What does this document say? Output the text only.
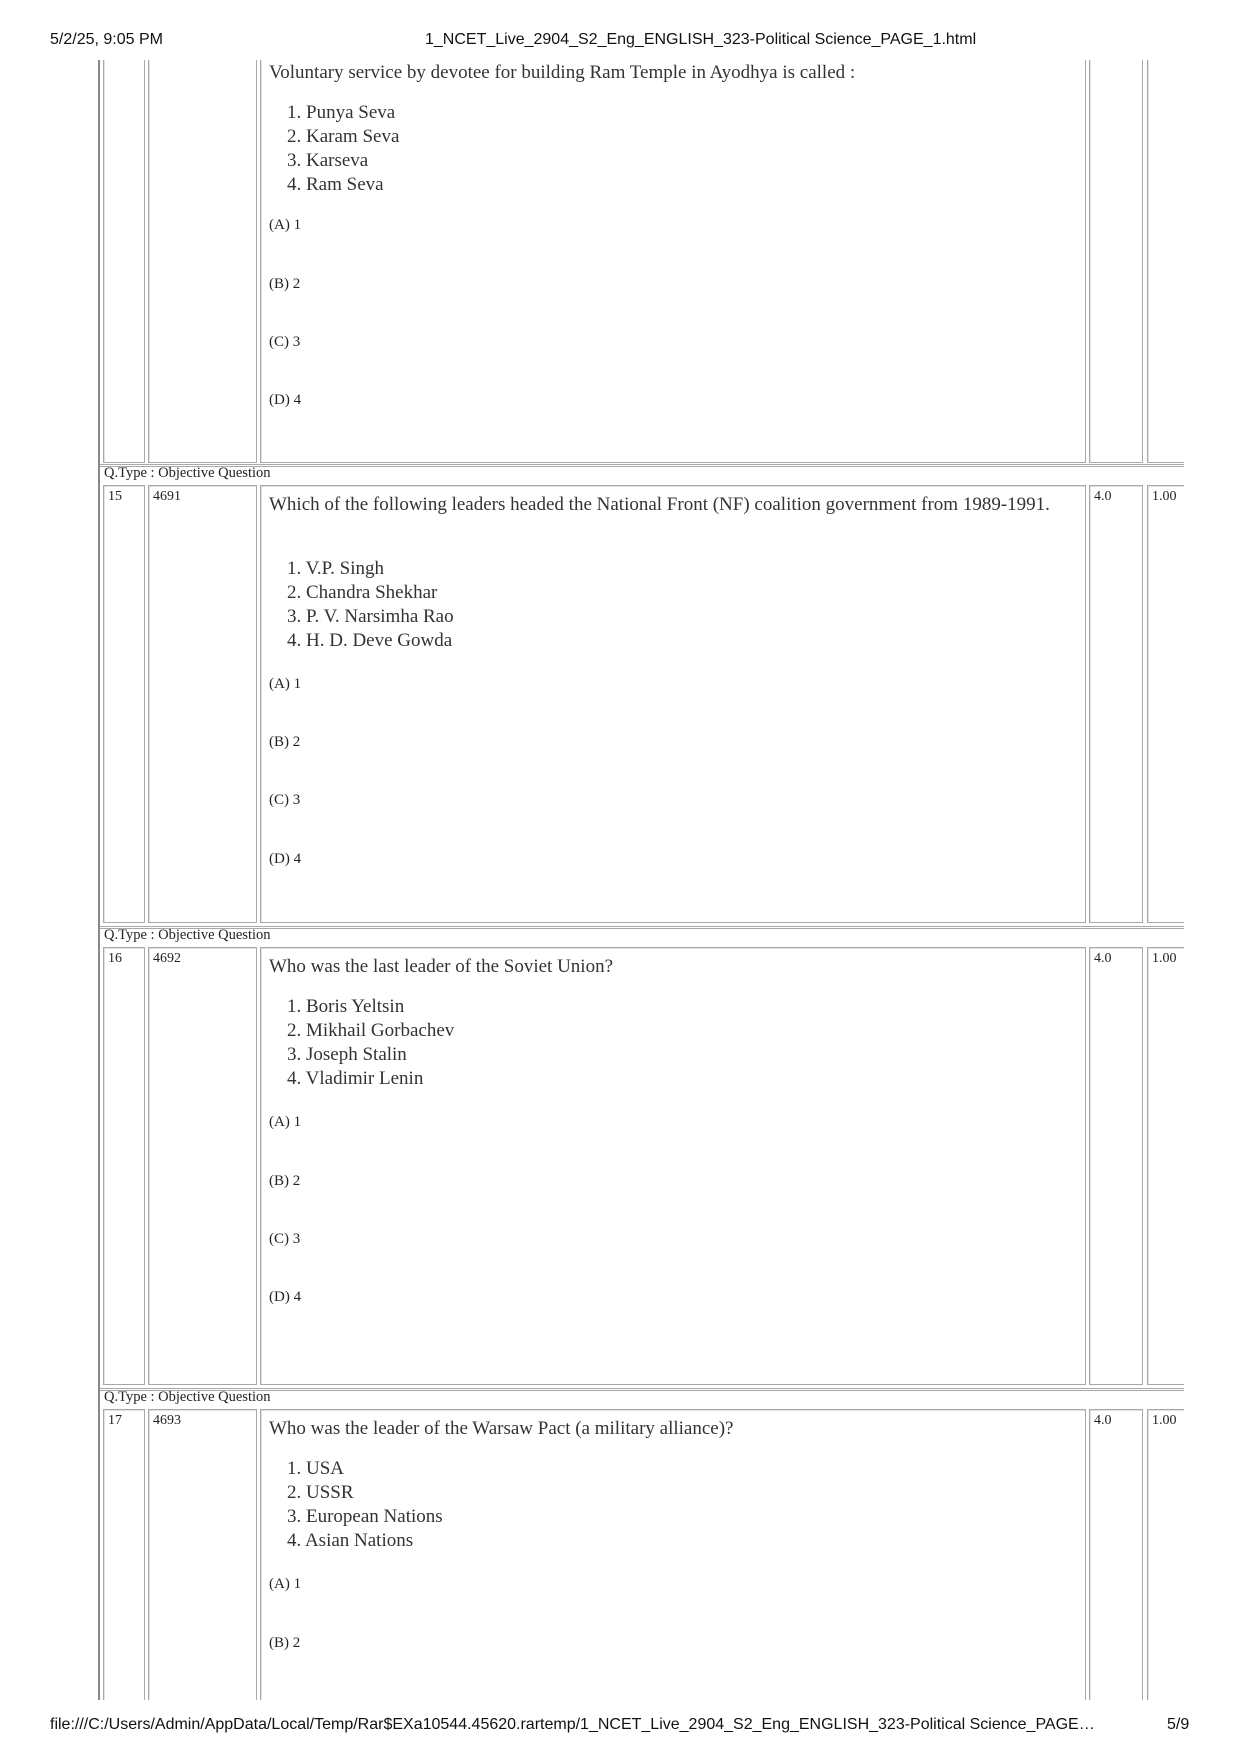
5/2/25, 9:05 PM	1_NCET_Live_2904_S2_Eng_ENGLISH_323-Political Science_PAGE_1.html

Voluntary service by devotee for building Ram Temple in Ayodhya is called :

1. Punya Seva
2. Karam Seva
3. Karseva
4. Ram Seva
(A) 1
(B) 2
(C) 3
(D) 4
Q.Type : Objective Question
15	4691	Which of the following leaders headed the National Front (NF) coalition government from 1989-1991.

1. V.P. Singh
2. Chandra Shekhar
3. P. V. Narsimha Rao
4. H. D. Deve Gowda
(A) 1
(B) 2
(C) 3
(D) 4
4.0	1.00
Q.Type : Objective Question
16	4692	Who was the last leader of the Soviet Union?

1. Boris Yeltsin
2. Mikhail Gorbachev
3. Joseph Stalin
4. Vladimir Lenin
(A) 1
(B) 2
(C) 3
(D) 4
4.0	1.00
Q.Type : Objective Question
17	4693	Who was the leader of the Warsaw Pact (a military alliance)?

1. USA
2. USSR
3. European Nations
4. Asian Nations
(A) 1
(B) 2
4.0	1.00
file:///C:/Users/Admin/AppData/Local/Temp/Rar$EXa10544.45620.rartemp/1_NCET_Live_2904_S2_Eng_ENGLISH_323-Political Science_PAGE…	5/9
